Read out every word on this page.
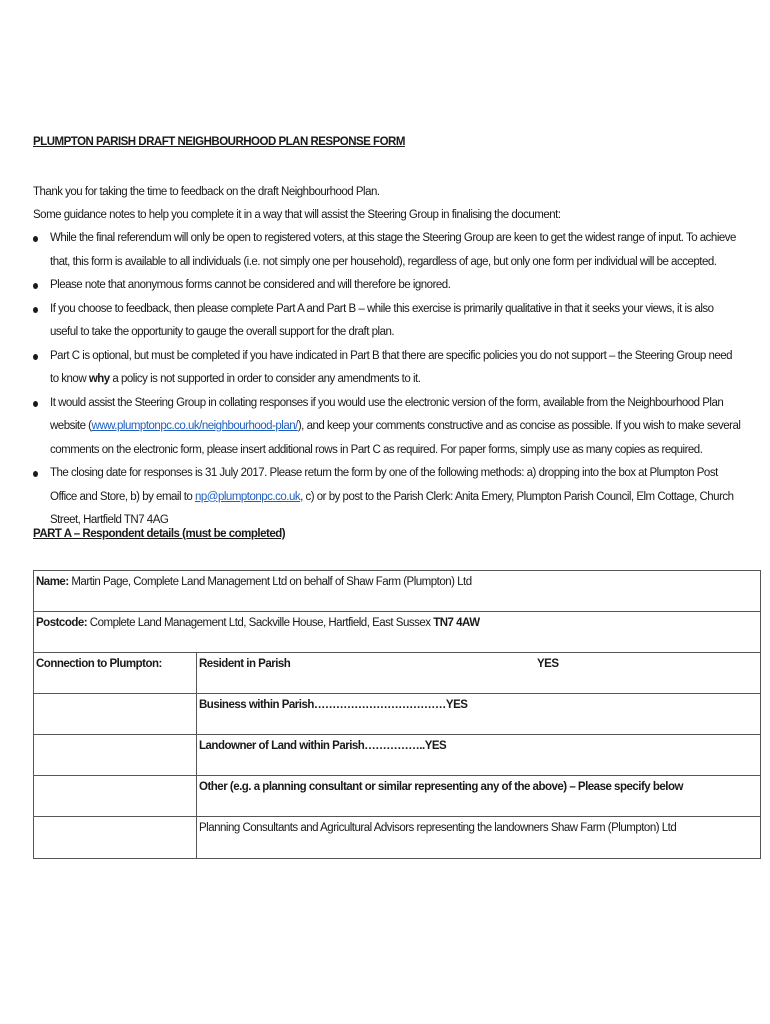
PLUMPTON PARISH DRAFT NEIGHBOURHOOD PLAN RESPONSE FORM

Thank you for taking the time to feedback on the draft Neighbourhood Plan.

Some guidance notes to help you complete it in a way that will assist the Steering Group in finalising the document:

While the final referendum will only be open to registered voters, at this stage the Steering Group are keen to get the widest range of input. To achieve that, this form is available to all individuals (i.e. not simply one per household), regardless of age, but only one form per individual will be accepted.
Please note that anonymous forms cannot be considered and will therefore be ignored.
If you choose to feedback, then please complete Part A and Part B – while this exercise is primarily qualitative in that it seeks your views, it is also useful to take the opportunity to gauge the overall support for the draft plan.
Part C is optional, but must be completed if you have indicated in Part B that there are specific policies you do not support – the Steering Group need to know why a policy is not supported in order to consider any amendments to it.
It would assist the Steering Group in collating responses if you would use the electronic version of the form, available from the Neighbourhood Plan website (www.plumptonpc.co.uk/neighbourhood-plan/), and keep your comments constructive and as concise as possible. If you wish to make several comments on the electronic form, please insert additional rows in Part C as required. For paper forms, simply use as many copies as required.
The closing date for responses is 31 July 2017. Please return the form by one of the following methods: a) dropping into the box at Plumpton Post Office and Store, b) by email to np@plumptonpc.co.uk, c) or by post to the Parish Clerk: Anita Emery, Plumpton Parish Council, Elm Cottage, Church Street, Hartfield TN7 4AG
PART A – Respondent details (must be completed)
Name: Martin Page, Complete Land Management Ltd on behalf of Shaw Farm (Plumpton) Ltd	
Postcode: Complete Land Management Ltd, Sackville House, Hartfield, East Sussex TN7 4AW	
Connection to Plumpton:	Resident in Parish YES

	Business within Parish………………………………YES
	Landowner of Land within Parish……………..YES
	Other (e.g. a planning consultant or similar representing any of the above) – Please specify below
	Planning Consultants and Agricultural Advisors representing the landowners Shaw Farm (Plumpton) Ltd
